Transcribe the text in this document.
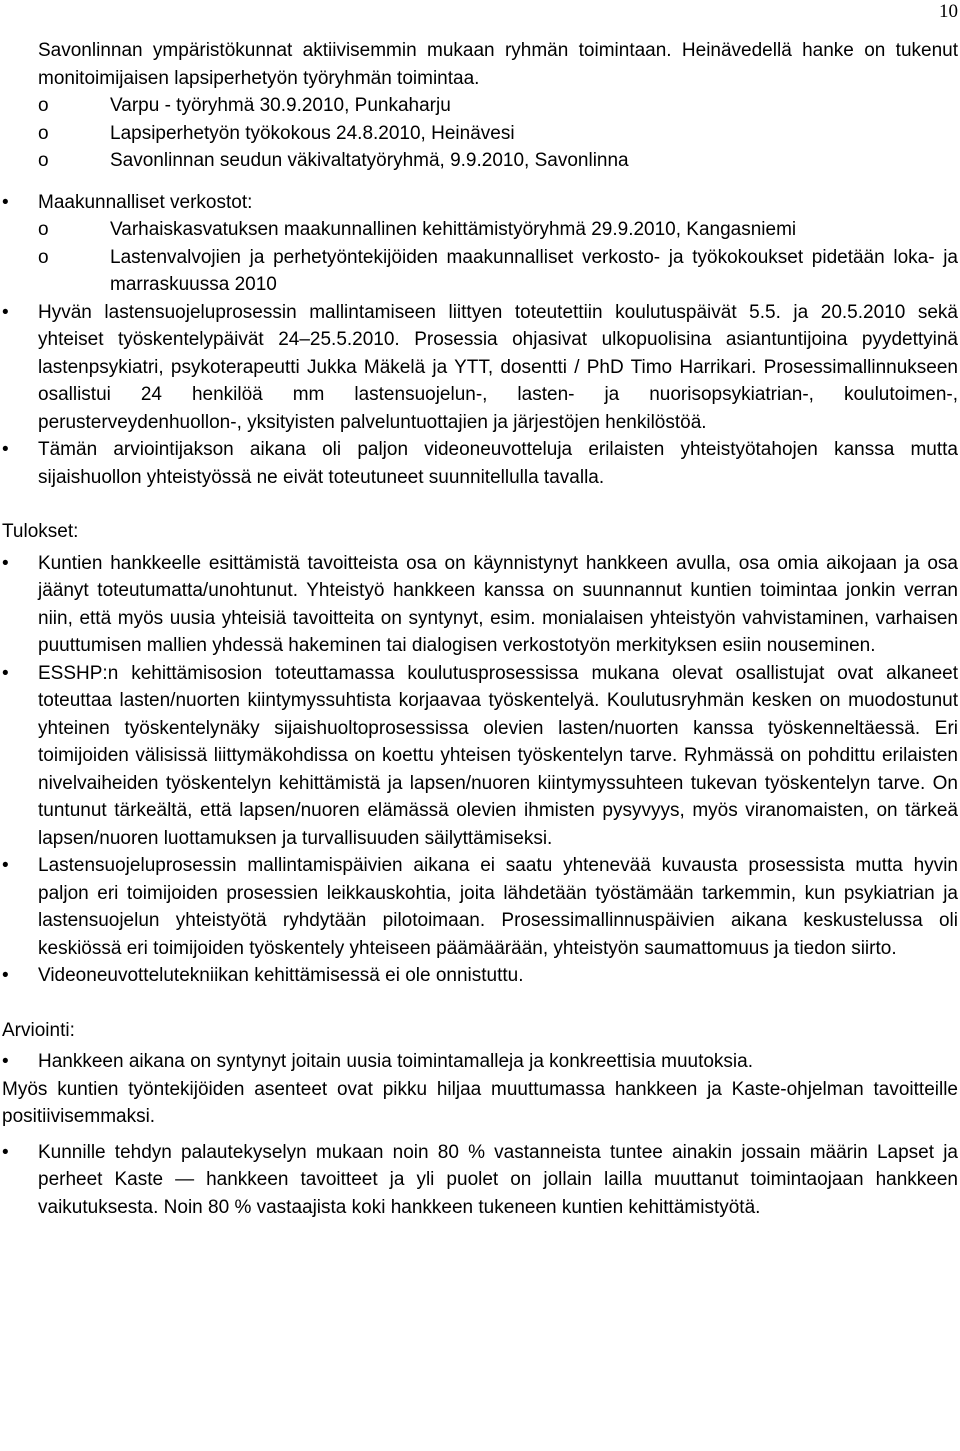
10
Savonlinnan ympäristökunnat aktiivisemmin mukaan ryhmän toimintaan. Heinävedellä hanke on tukenut monitoimijaisen lapsiperhetyön työryhmän toimintaa.
o	Varpu - työryhmä 30.9.2010, Punkaharju
o	Lapsiperhetyön työkokous 24.8.2010, Heinävesi
o	Savonlinnan seudun väkivaltatyöryhmä, 9.9.2010, Savonlinna
•	Maakunnalliset verkostot:
o	Varhaiskasvatuksen maakunnallinen kehittämistyöryhmä 29.9.2010, Kangasniemi
o	Lastenvalvojien ja perhetyöntekijöiden maakunnalliset verkosto- ja työkokoukset pidetään loka- ja marraskuussa 2010
•	Hyvän lastensuojeluprosessin mallintamiseen liittyen toteutettiin koulutuspäivät 5.5. ja 20.5.2010 sekä yhteiset työskentelypäivät 24–25.5.2010. Prosessia ohjasivat ulkopuolisina asiantuntijoina pyydettyinä lastenpsykiatri, psykoterapeutti Jukka Mäkelä ja YTT, dosentti / PhD Timo Harrikari. Prosessimallinnukseen osallistui 24 henkilöä mm lastensuojelun-, lasten- ja nuorisopsykiatrian-, koulutoimen-, perusterveydenhuollon-, yksityisten palveluntuottajien ja järjestöjen henkilöstöä.
•	Tämän arviointijakson aikana oli paljon videoneuvotteluja erilaisten yhteistyötahojen kanssa mutta sijaishuollon yhteistyössä ne eivät toteutuneet suunnitellulla tavalla.
Tulokset:
•	Kuntien hankkeelle esittämistä tavoitteista osa on käynnistynyt hankkeen avulla, osa omia aikojaan ja osa jäänyt toteutumatta/unohtunut. Yhteistyö hankkeen kanssa on suunnannut kuntien toimintaa jonkin verran niin, että myös uusia yhteisiä tavoitteita on syntynyt, esim. monialaisen yhteistyön vahvistaminen, varhaisen puuttumisen mallien yhdessä hakeminen tai dialogisen verkostotyön merkityksen esiin nouseminen.
•	ESSHP:n kehittämisosion toteuttamassa koulutusprosessissa mukana olevat osallistujat ovat alkaneet toteuttaa lasten/nuorten kiintymyssuhtista korjaavaa työskentelyä. Koulutusryhmän kesken on muodostunut yhteinen työskentelynäky sijaishuoltoprosessissa olevien lasten/nuorten kanssa työskenneltäessä. Eri toimijoiden välisissä liittymäkohdissa on koettu yhteisen työskentelyn tarve. Ryhmässä on pohdittu erilaisten nivelvaiheiden työskentelyn kehittämistä ja lapsen/nuoren kiintymyssuhteen tukevan työskentelyn tarve. On tuntunut tärkeältä, että lapsen/nuoren elämässä olevien ihmisten pysyvyys, myös viranomaisten, on tärkeä lapsen/nuoren luottamuksen ja turvallisuuden säilyttämiseksi.
•	Lastensuojeluprosessin mallintamispäivien aikana ei saatu yhtenevää kuvausta prosessista mutta hyvin paljon eri toimijoiden prosessien leikkauskohtia, joita lähdetään työstämään tarkemmin, kun psykiatrian ja lastensuojelun yhteistyötä ryhdytään pilotoimaan. Prosessimallinnuspäivien aikana keskustelussa oli keskiössä eri toimijoiden työskentely yhteiseen päämäärään, yhteistyön saumattomuus ja tiedon siirto.
•	Videoneuvottelutekniikan kehittämisessä ei ole onnistuttu.
Arviointi:
•	Hankkeen aikana on syntynyt joitain uusia toimintamalleja ja konkreettisia muutoksia.
Myös kuntien työntekijöiden asenteet ovat pikku hiljaa muuttumassa hankkeen ja Kaste-ohjelman tavoitteille positiivisemmaksi.
•	Kunnille tehdyn palautekyselyn mukaan noin 80 % vastanneista tuntee ainakin jossain määrin Lapset ja perheet Kaste — hankkeen tavoitteet ja yli puolet on jollain lailla muuttanut toimintaojaan hankkeen vaikutuksesta. Noin 80 % vastaajista koki hankkeen tukeneen kuntien kehittämistyötä.
